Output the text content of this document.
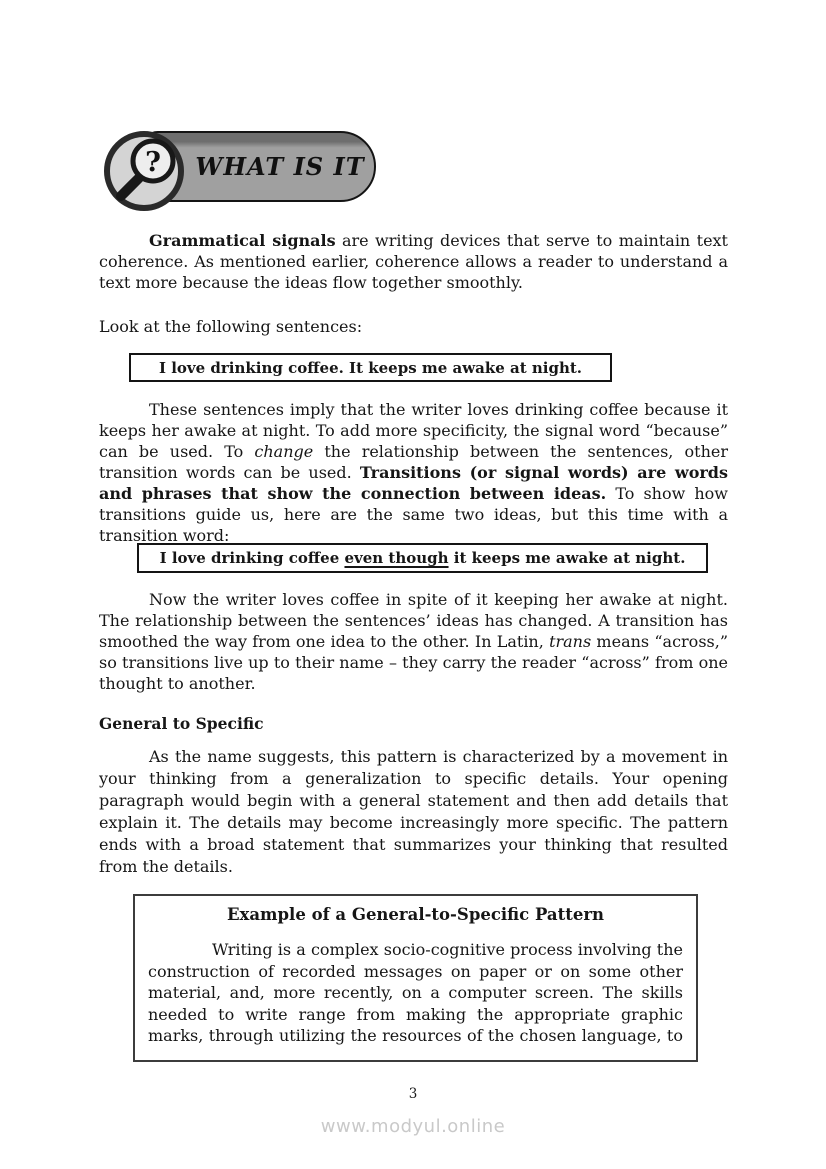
WHAT IS IT
?

Grammatical signals are writing devices that serve to maintain text coherence. As mentioned earlier, coherence allows a reader to understand a text more because the ideas flow together smoothly.

Look at the following sentences:

I love drinking coffee. It keeps me awake at night.

These sentences imply that the writer loves drinking coffee because it keeps her awake at night. To add more specificity, the signal word “because” can be used. To change the relationship between the sentences, other transition words can be used. Transitions (or signal words) are words and phrases that show the connection between ideas. To show how transitions guide us, here are the same two ideas, but this time with a transition word:

I love drinking coffee even though it keeps me awake at night.

Now the writer loves coffee in spite of it keeping her awake at night. The relationship between the sentences’ ideas has changed. A transition has smoothed the way from one idea to the other. In Latin, trans means “across,” so transitions live up to their name – they carry the reader “across” from one thought to another.

General to Specific

As the name suggests, this pattern is characterized by a movement in your thinking from a generalization to specific details. Your opening paragraph would begin with a general statement and then add details that explain it. The details may become increasingly more specific. The pattern ends with a broad statement that summarizes your thinking that resulted from the details.

Example of a General-to-Specific Pattern

Writing is a complex socio-cognitive process involving the construction of recorded messages on paper or on some other material, and, more recently, on a computer screen. The skills needed to write range from making the appropriate graphic marks, through utilizing the resources of the chosen language, to

3
www.modyul.online
